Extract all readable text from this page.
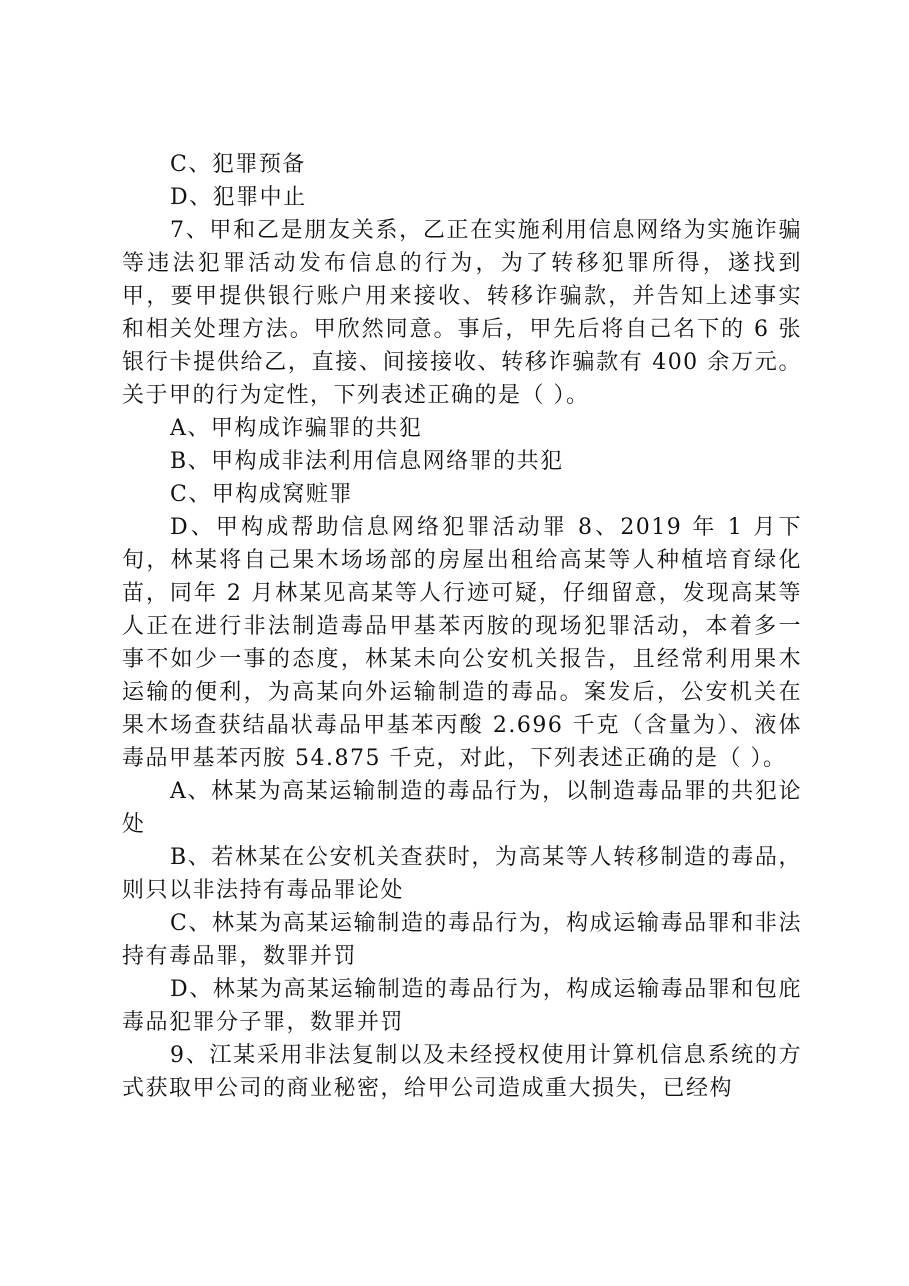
C、犯罪预备

D、犯罪中止

7、甲和乙是朋友关系，乙正在实施利用信息网络为实施诈骗等违法犯罪活动发布信息的行为，为了转移犯罪所得，遂找到甲，要甲提供银行账户用来接收、转移诈骗款，并告知上述事实和相关处理方法。甲欣然同意。事后，甲先后将自己名下的 6 张银行卡提供给乙，直接、间接接收、转移诈骗款有 400 余万元。关于甲的行为定性，下列表述正确的是（ ）。

A、甲构成诈骗罪的共犯

B、甲构成非法利用信息网络罪的共犯

C、甲构成窝赃罪

D、甲构成帮助信息网络犯罪活动罪 8、2019 年 1 月下旬，林某将自己果木场场部的房屋出租给高某等人种植培育绿化苗，同年 2 月林某见高某等人行迹可疑，仔细留意，发现高某等人正在进行非法制造毒品甲基苯丙胺的现场犯罪活动，本着多一事不如少一事的态度，林某未向公安机关报告，且经常利用果木运输的便利，为高某向外运输制造的毒品。案发后，公安机关在果木场查获结晶状毒品甲基苯丙酸 2.696 千克（含量为）、液体毒品甲基苯丙胺 54.875 千克，对此，下列表述正确的是（ ）。

A、林某为高某运输制造的毒品行为，以制造毒品罪的共犯论处

B、若林某在公安机关查获时，为高某等人转移制造的毒品，则只以非法持有毒品罪论处

C、林某为高某运输制造的毒品行为，构成运输毒品罪和非法持有毒品罪，数罪并罚

D、林某为高某运输制造的毒品行为，构成运输毒品罪和包庇毒品犯罪分子罪，数罪并罚

9、江某采用非法复制以及未经授权使用计算机信息系统的方式获取甲公司的商业秘密，给甲公司造成重大损失，已经构
